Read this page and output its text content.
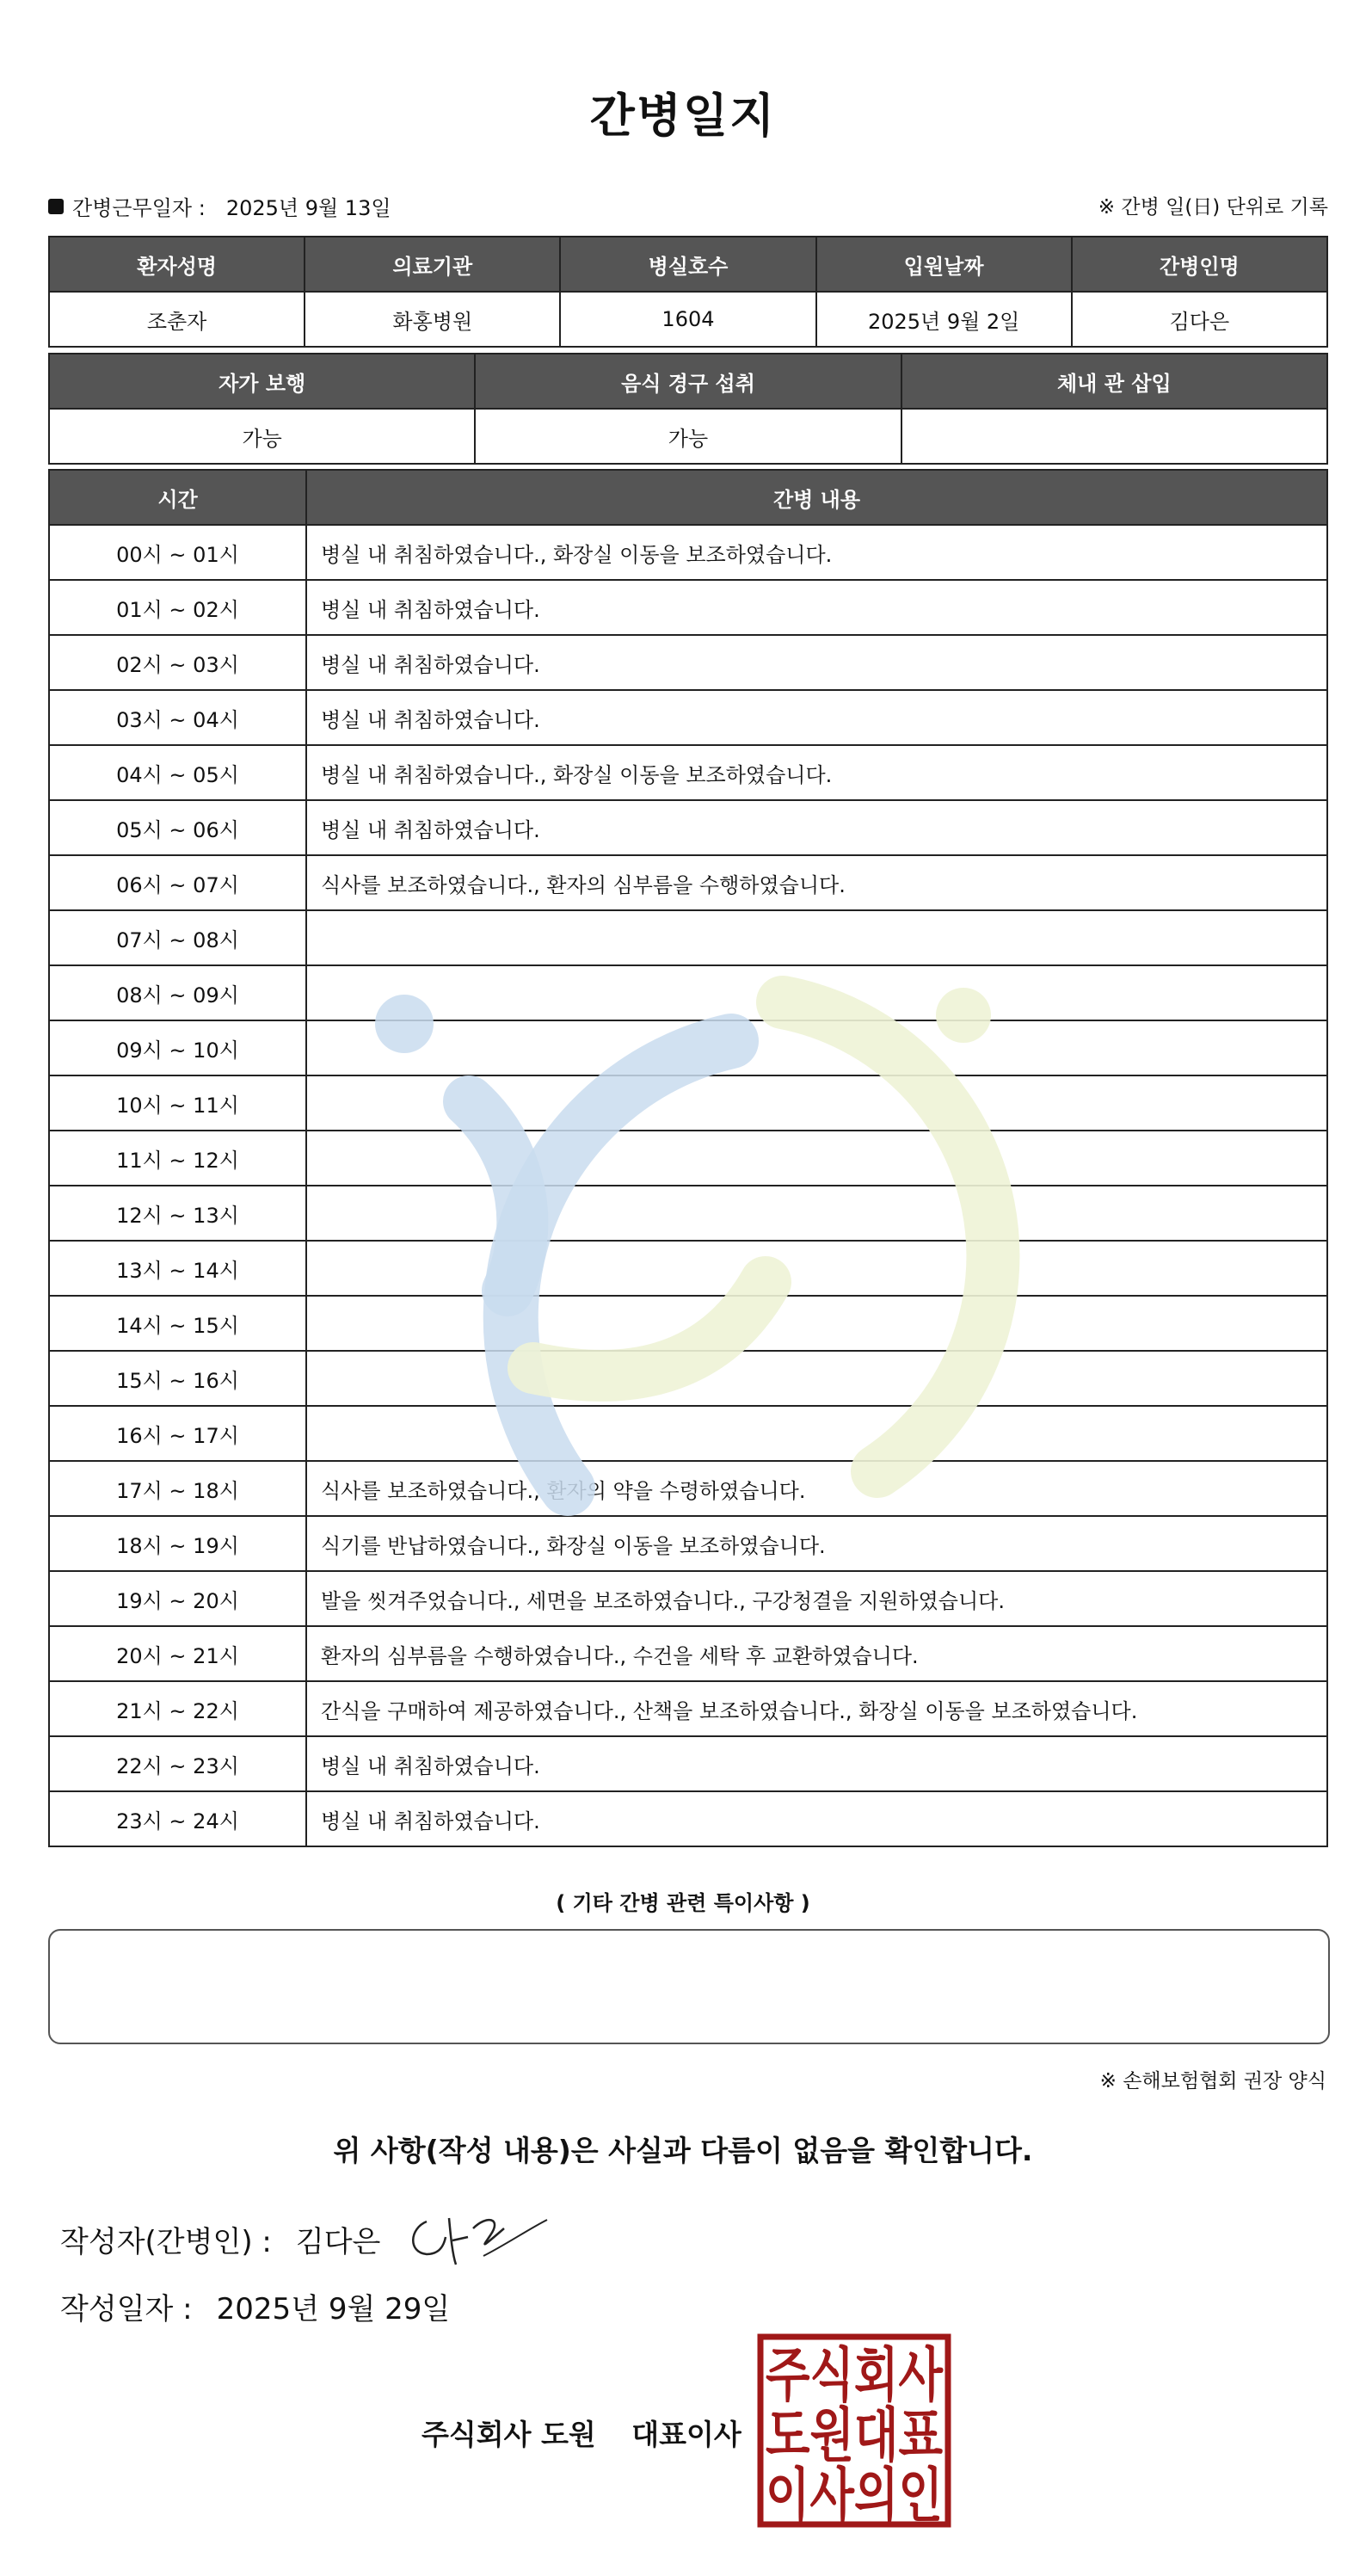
간병일지
간병근무일자 : 2025년 9월 13일	※ 간병 일(日) 단위로 기록
환자성명	의료기관	병실호수	입원날짜	간병인명
조춘자	화홍병원	1604	2025년 9월 2일	김다은
자가 보행	음식 경구 섭취	체내 관 삽입
가능	가능	
시간	간병 내용
00시 ~ 01시	병실 내 취침하였습니다., 화장실 이동을 보조하였습니다.
01시 ~ 02시	병실 내 취침하였습니다.
02시 ~ 03시	병실 내 취침하였습니다.
03시 ~ 04시	병실 내 취침하였습니다.
04시 ~ 05시	병실 내 취침하였습니다., 화장실 이동을 보조하였습니다.
05시 ~ 06시	병실 내 취침하였습니다.
06시 ~ 07시	식사를 보조하였습니다., 환자의 심부름을 수행하였습니다.
07시 ~ 08시	
08시 ~ 09시	
09시 ~ 10시	
10시 ~ 11시	
11시 ~ 12시	
12시 ~ 13시	
13시 ~ 14시	
14시 ~ 15시	
15시 ~ 16시	
16시 ~ 17시	
17시 ~ 18시	식사를 보조하였습니다., 환자의 약을 수령하였습니다.
18시 ~ 19시	식기를 반납하였습니다., 화장실 이동을 보조하였습니다.
19시 ~ 20시	발을 씻겨주었습니다., 세면을 보조하였습니다., 구강청결을 지원하였습니다.
20시 ~ 21시	환자의 심부름을 수행하였습니다., 수건을 세탁 후 교환하였습니다.
21시 ~ 22시	간식을 구매하여 제공하였습니다., 산책을 보조하였습니다., 화장실 이동을 보조하였습니다.
22시 ~ 23시	병실 내 취침하였습니다.
23시 ~ 24시	병실 내 취침하였습니다.
( 기타 간병 관련 특이사항 )
※ 손해보험협회 권장 양식
위 사항(작성 내용)은 사실과 다름이 없음을 확인합니다.
작성자(간병인) : 김다은
작성일자 : 2025년 9월 29일
주식회사 도원 대표이사
주식회사
도원대표
이사의인
